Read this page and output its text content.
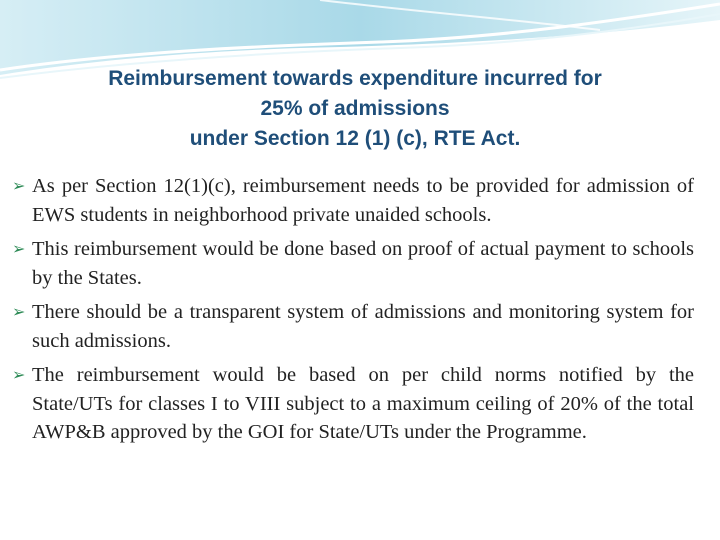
Reimbursement towards expenditure incurred for
25% of admissions
under Section 12 (1) (c), RTE Act.
➢ As per Section 12(1)(c), reimbursement needs to be provided for admission of EWS students in neighborhood private unaided schools.
➢ This reimbursement would be done based on proof of actual payment to schools by the States.
➢ There should be a transparent system of admissions and monitoring system for such admissions.
➢ The reimbursement would be based on per child norms notified by the State/UTs for classes I to VIII subject to a maximum ceiling of 20% of the total AWP&B approved by the GOI for State/UTs under the Programme.
